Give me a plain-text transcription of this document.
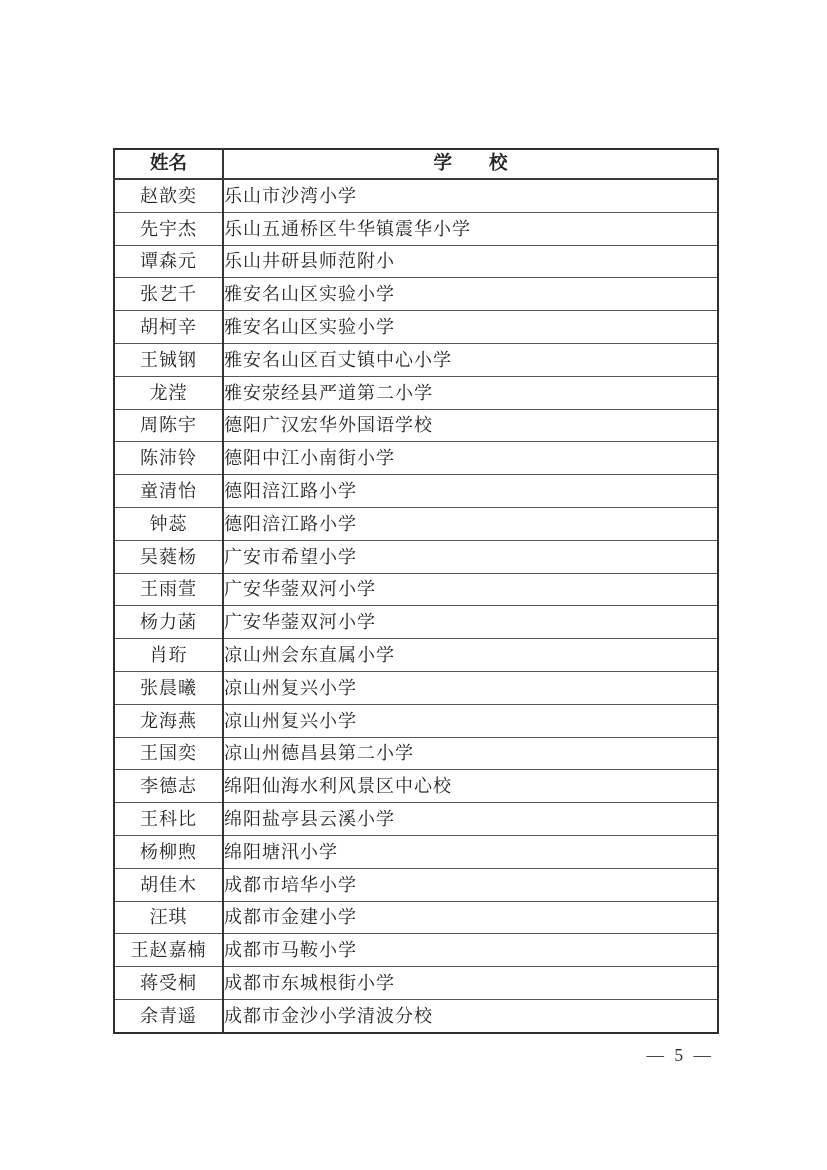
姓名	学　　校
赵歆奕	乐山市沙湾小学
先宇杰	乐山五通桥区牛华镇震华小学
谭森元	乐山井研县师范附小
张艺千	雅安名山区实验小学
胡柯辛	雅安名山区实验小学
王铖钢	雅安名山区百丈镇中心小学
龙滢	雅安荥经县严道第二小学
周陈宇	德阳广汉宏华外国语学校
陈沛铃	德阳中江小南街小学
童清怡	德阳涪江路小学
钟蕊	德阳涪江路小学
吴蕤杨	广安市希望小学
王雨萱	广安华蓥双河小学
杨力菡	广安华蓥双河小学
肖珩	凉山州会东直属小学
张晨曦	凉山州复兴小学
龙海燕	凉山州复兴小学
王国奕	凉山州德昌县第二小学
李德志	绵阳仙海水利风景区中心校
王科比	绵阳盐亭县云溪小学
杨柳煦	绵阳塘汛小学
胡佳木	成都市培华小学
汪琪	成都市金建小学
王赵嘉楠	成都市马鞍小学
蒋受桐	成都市东城根街小学
余青遥	成都市金沙小学清波分校
— 5 —
